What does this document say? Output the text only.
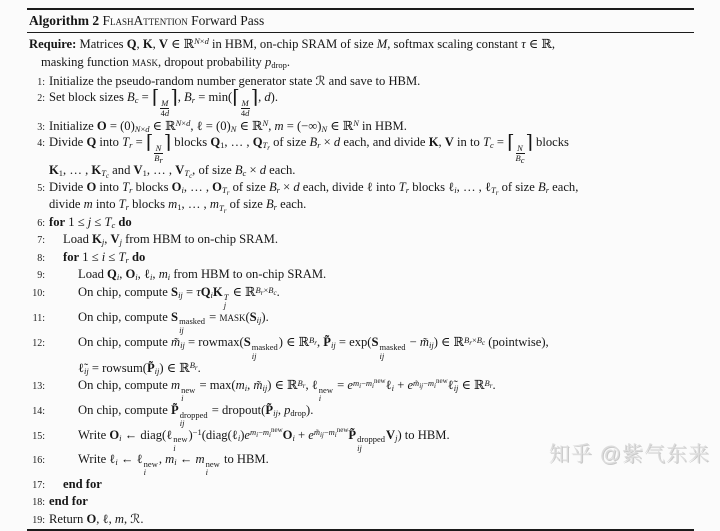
Algorithm 2 FlashAttention Forward Pass
Require: Matrices Q, K, V ∈ ℝ$^{N\times d}$ in HBM, on-chip SRAM of size M, softmax scaling constant τ ∈ ℝ,
masking function mask, dropout probability $p_{drop}$.
1: Initialize the pseudo-random number generator state ℛ and save to HBM.
2: Set block sizes $B_c$ = ⌈ $\frac{M}{4d}$ ⌉, $B_r$ = min(⌈ $\frac{M}{4d}$ ⌉, d).
3: Initialize $O = (0)_{N\times d}$ ∈ ℝ$^{N\times d}$, ℓ = $(0)_N$ ∈ ℝ$^N$, $m = (-\infty)_N$ ∈ ℝ$^N$ in HBM.
4: Divide Q into $T_r$ = ⌈ $\frac{N}{B_r}$ ⌉ blocks $Q_1$, … , $Q_{T_r}$ of size $B_r \times d$ each, and divide K, V in to $T_c$ = ⌈ $\frac{N}{B_c}$ ⌉ blocks
$K_1$, … , $K_{T_c}$ and $V_1$, … , $V_{T_c}$, of size $B_c \times d$ each.
5: Divide O into $T_r$ blocks $O_i$, … , $O_{T_r}$ of size $B_r \times d$ each, divide ℓ into $T_r$ blocks ℓ$_i$, … , ℓ$_{T_r}$ of size $B_r$ each,
divide m into $T_r$ blocks $m_1$, … , $m_{T_r}$ of size $B_r$ each.
6: for $1 \le j \le T_c$ do
7:	Load $K_j$, $V_j$ from HBM to on-chip SRAM.
8:	for $1 \le i \le T_r$ do
9:	Load $Q_i$, $O_i$, ℓ$_i$, $m_i$ from HBM to on-chip SRAM.
10:	On chip, compute $S_{ij} = \tau Q_iK$ T
j
∈ ℝ$^{B_r\times B_c}$.
11:	On chip, compute S masked
ij
= $mask(S_{ij})$.
12:	On chip, compute $m̃_{ij} = rowmax(S$ masked
ij
) ∈ ℝ$^{B_r}$, $P̃_{ij} = \exp(S$ masked
ij
− $m̃_{ij}$) ∈ ℝ$^{B_r\times B_c}$ (pointwise),
$\ell̃_{ij}$ = $rowsum(P̃_{ij})$ ∈ ℝ$^{B_r}$.
13:	On chip, compute m new
i
= $\max(m_i$, $m̃_{ij}$) ∈ ℝ$^{B_r}$, ℓ new
i
= $e^{m_i-m_i^{new}}\ell_i$ + $e^{m̃_{ij}-m_i^{new}}\ell̃_{ij}$ ∈ ℝ$^{B_r}$.
14:	On chip, compute P̃ dropped
ij
= $dropout(P̃_{ij}$, $p_{drop}$).
15:	Write $O_i$ ← diag(ℓ new
i
)$^{-1}(diag(\ell_i)e^{m_i-m_i^{new}}O_i$ + $e^{m̃_{ij}-m_i^{new}}P̃$ dropped
ij
$V_j$) to HBM.
16:	Write ℓ$_i$ ← ℓ new
i
, $m_i$ ← m new
i
to HBM.
17:	end for
18: end for
19: Return O, ℓ, m, ℛ.
知乎 @紫气东来
